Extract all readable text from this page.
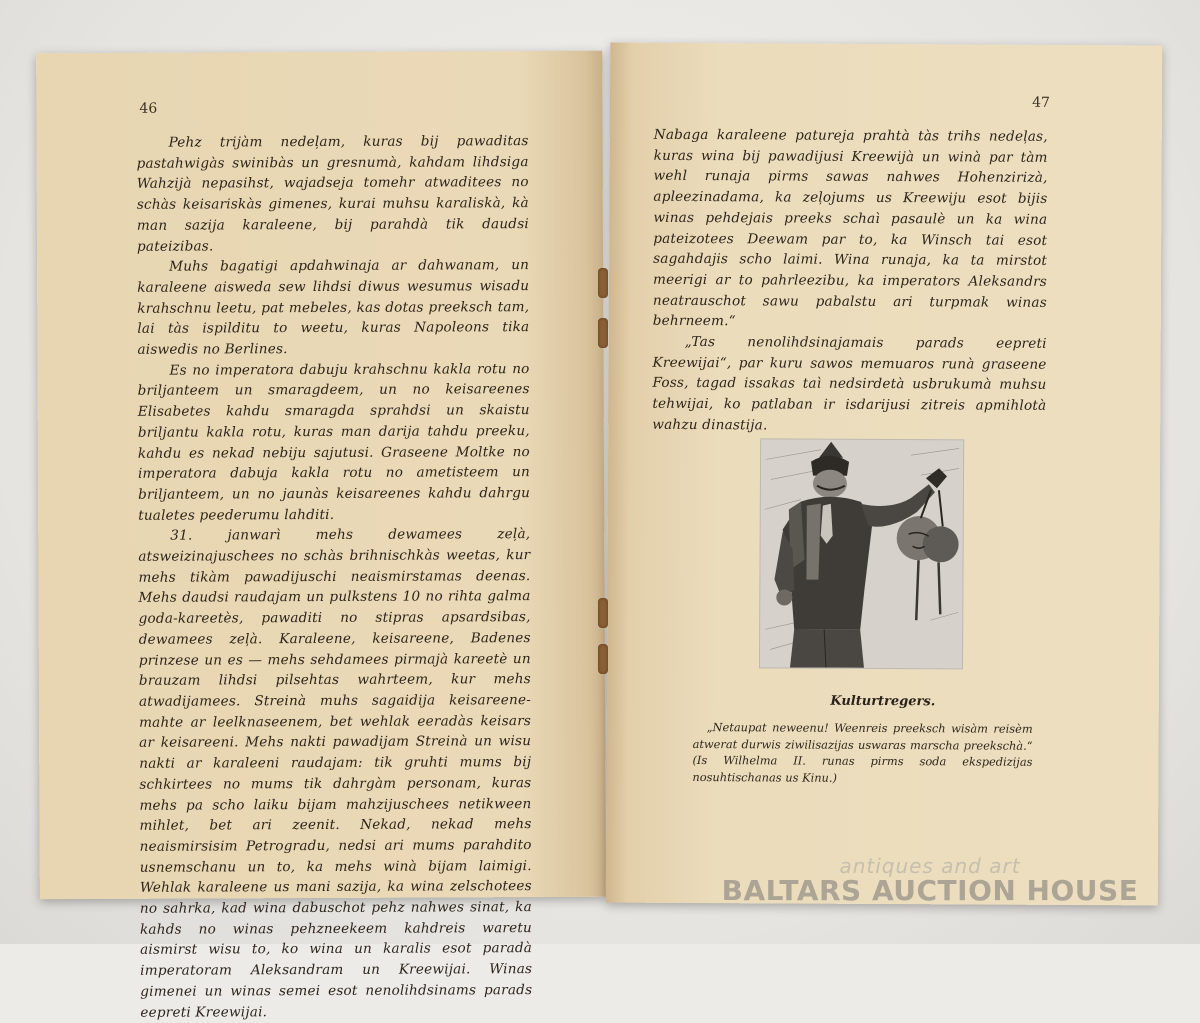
46

Pehz trijàm nedeļam, kuras bij pawaditas pastahwigàs swinibàs un gresnumà, kahdam lihdsiga Wahzijà nepasihst, wajadseja tomehr atwaditees no schàs keisariskàs gimenes, kurai muhsu karaliskà, kà man sazija karaleene, bij parahdà tik daudsi pateizibas.

Muhs bagatigi apdahwinaja ar dahwanam, un karaleene aiswedа sew lihdsi diwus wesumus wisadu krahschnu leetu, pat mebeles, kas dotas preeksch tam, lai tàs ispilditu to weetu, kuras Napoleons tika aiswedis no Berlines.

Es no imperatora dabuju krahschnu kakla rotu no briljanteem un smaragdeem, un no keisareenes Elisabetes kahdu smaragda sprahdsi un skaistu briljantu kakla rotu, kuras man darija tahdu preeku, kahdu es nekad nebiju sajutusi. Graseene Moltke no imperatora dabuja kakla rotu no ametisteem un briljanteem, un no jaunàs keisareenes kahdu dahrgu tualetes peederumu lahditi.

31. janwarì mehs dewamees zeļà, atsweizinajuschees no schàs brihnischkàs weetas, kur mehs tikàm pawadijuschi neaismirstamas deenas. Mehs daudsi raudajam un pulkstens 10 no rihta galma goda-kareetès, pawaditi no stipras apsardsibas, dewamees zeļà. Karaleene, keisareene, Badenes prinzese un es — mehs sehdamees pirmajà kareetè un brauzam lihdsi pilsehtas wahrteem, kur mehs atwadijamees. Streinà muhs sagaidija keisareene-mahte ar leelknaseenem, bet wehlak eeradàs keisars ar keisareeni. Mehs nakti pawadijam Streinà un wisu nakti ar karaleeni raudajam: tik gruhti mums bij schkirtees no mums tik dahrgàm personam, kuras mehs pa scho laiku bijam mahzijuschees netikween mihlet, bet ari zeenit. Nekad, nekad mehs neaismirsisim Petrogradu, nedsi ari mums parahdito usnemschanu un to, ka mehs winà bijam laimigi. Wehlak karaleene us mani sazija, ka wina zelschotees no sahrka, kad wina dabuschot pehz nahwes sinat, ka kahds no winas pehzneekeem kahdreis waretu aismirst wisu to, ko wina un karalis esot paradà imperatoram Aleksandram un Kreewijai. Winas gimenei un winas semei esot nenolihdsinams parads eepreti Kreewijai.

47

Nabaga karaleene patureja prahtà tàs trihs nedeļas, kuras wina bij pawadijusi Kreewijà un winà par tàm wehl runaja pirms sawas nahwes Hohenzirizà, apleezinadama, ka zeļojums us Kreewiju esot bijis winas pehdejais preeks schaì pasaulè un ka wina pateizotees Deewam par to, ka Winsch tai esot sagahdajis scho laimi. Wina runaja, ka ta mirstot meerigi ar to pahrleezibu, ka imperators Aleksandrs neatrauschot sawu pabalstu ari turpmak winas behrneem.“

„Tas nenolihdsinajamais parads eepreti Kreewijai“, par kuru sawos memuaros runà graseene Foss, tagad issakas taì nedsirdetà usbrukumà muhsu tehwijai, ko patlaban ir isdarijusi zitreis apmihlotà wahzu dinastija.

Kulturtregers.

„Netaupat neweenu! Weenreis preeksch wisàm reisèm atwerat durwis ziwilisazijas uswaras marscha preekschà.“ (Is Wilhelma II. runas pirms soda ekspedizijas nosuhtischanas us Kinu.)

antiques and art
BALTARS AUCTION HOUSE
